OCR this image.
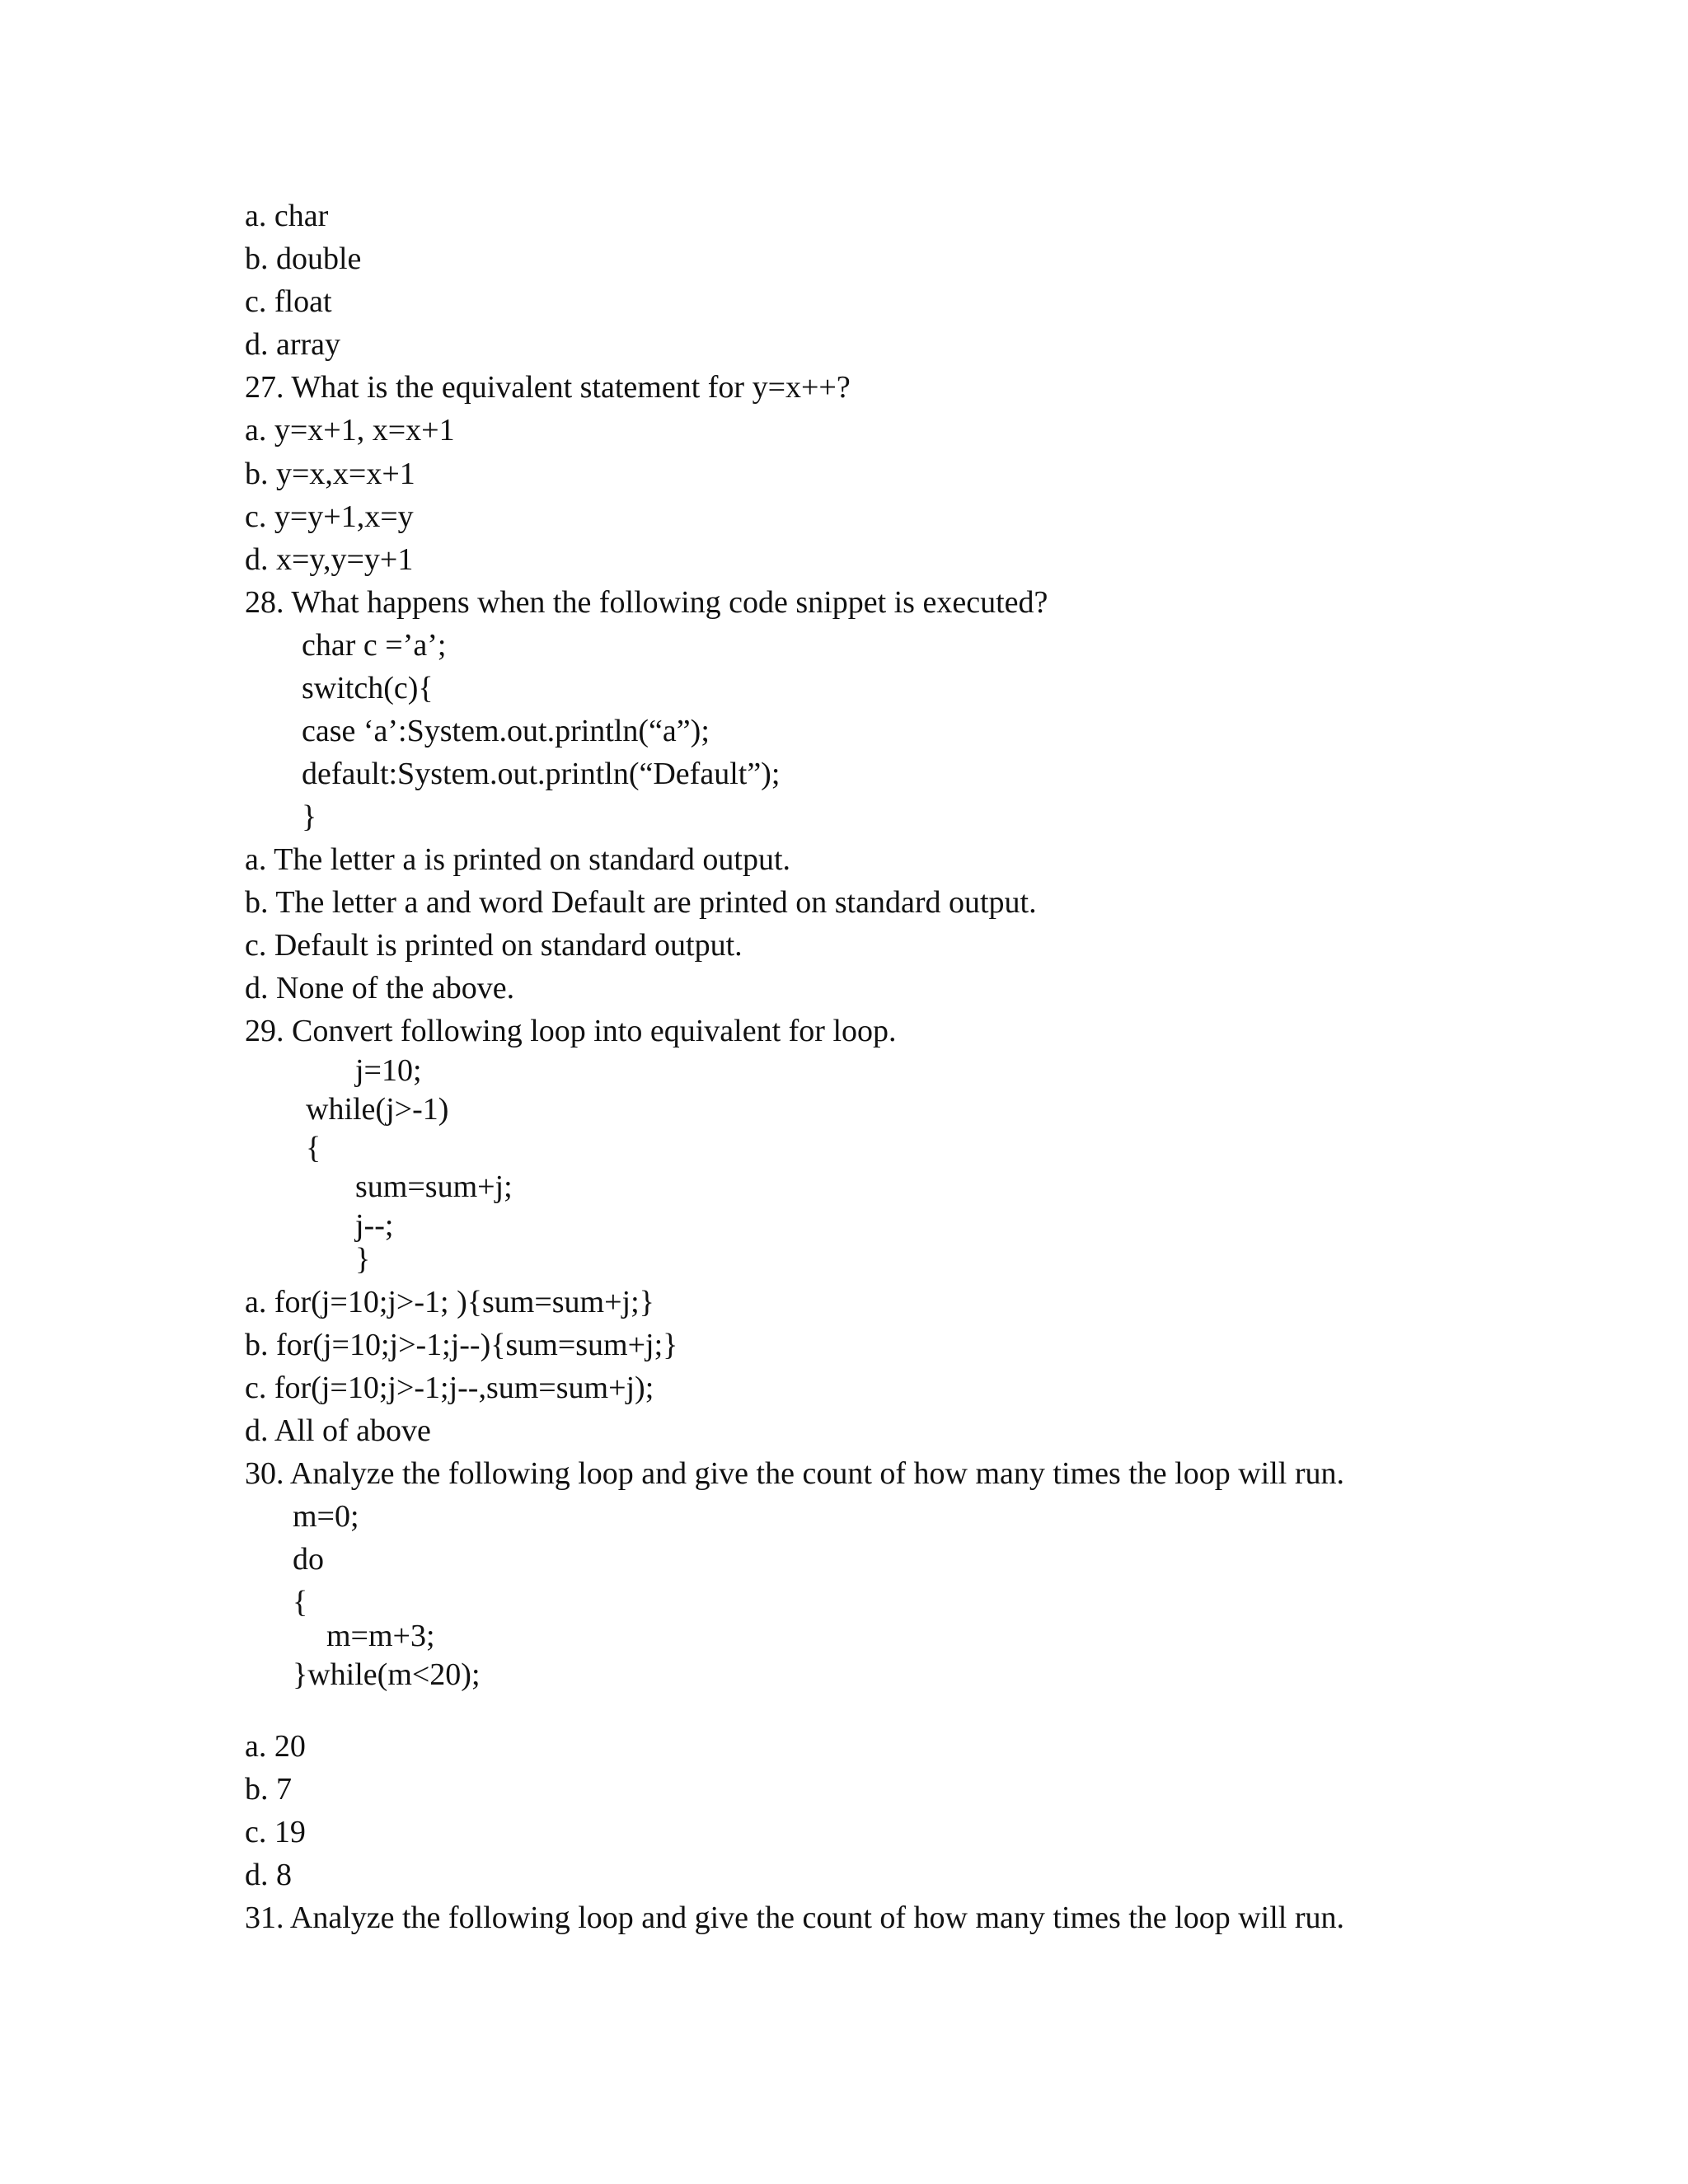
a. char
b. double
c. float
d. array
27. What is the equivalent statement for y=x++?
a. y=x+1, x=x+1
b. y=x,x=x+1
c. y=y+1,x=y
d. x=y,y=y+1
28. What happens when the following code snippet is executed?
char c =’a’;
switch(c){
case ‘a’:System.out.println(“a”);
default:System.out.println(“Default”);
}
a. The letter a is printed on standard output.
b. The letter a and word Default are printed on standard output.
c. Default is printed on standard output.
d. None of the above.
29. Convert following loop into equivalent for loop.
j=10;
while(j>-1)
{
sum=sum+j;
j--;
}
a. for(j=10;j>-1; ){sum=sum+j;}
b. for(j=10;j>-1;j--){sum=sum+j;}
c. for(j=10;j>-1;j--,sum=sum+j);
d. All of above
30. Analyze the following loop and give the count of how many times the loop will run.
m=0;
do
{
m=m+3;
}while(m<20);
a. 20
b. 7
c. 19
d. 8
31. Analyze the following loop and give the count of how many times the loop will run.
